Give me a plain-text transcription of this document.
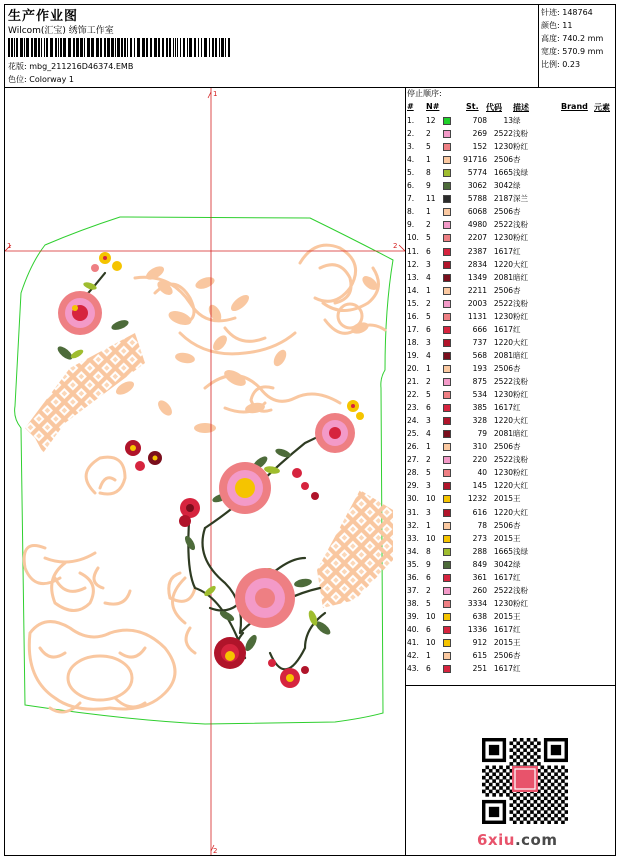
生产作业图
Wilcom(汇宝) 绣饰工作室
花版: mbg_211216D46374.EMB
色位: Colorway 1
针迹: 148764
颜色: 11
高度: 740.2 mm
宽度: 570.9 mm
比例: 0.23
停止顺序:
# N#	St. 代码 描述	Brand 元素
1. 12	708 13 绿
2. 2	269 2522 浅粉
3. 5	152 1230 粉红
4. 1	91716 2506 杏
5. 8	5774 1665 浅绿
6. 9	3062 3042 绿
7. 11	5788 2187 深兰
8. 1	6068 2506 杏
9. 2	4980 2522 浅粉
10. 5	2207 1230 粉红
11. 6	2387 1617 红
12. 3	2834 1220 大红
13. 4	1349 2081 暗红
14. 1	2211 2506 杏
15. 2	2003 2522 浅粉
16. 5	1131 1230 粉红
17. 6	666 1617 红
18. 3	737 1220 大红
19. 4	568 2081 暗红
20. 1	193 2506 杏
21. 2	875 2522 浅粉
22. 5	534 1230 粉红
23. 6	385 1617 红
24. 3	328 1220 大红
25. 4	79 2081 暗红
26. 1	310 2506 杏
27. 2	220 2522 浅粉
28. 5	40 1230 粉红
29. 3	145 1220 大红
30. 10	1232 2015 王
31. 3	616 1220 大红
32. 1	78 2506 杏
33. 10	273 2015 王
34. 8	288 1665 浅绿
35. 9	849 3042 绿
36. 6	361 1617 红
37. 2	260 2522 浅粉
38. 5	3334 1230 粉红
39. 10	638 2015 王
40. 6	1336 1617 红
41. 10	912 2015 王
42. 1	615 2506 杏
43. 6	251 1617 红
1
1	2
2
6xiu.com
